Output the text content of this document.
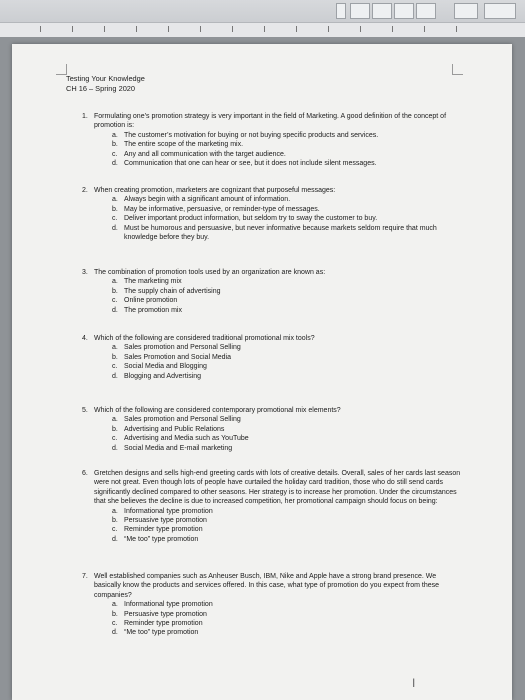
Testing Your Knowledge
CH 16 – Spring 2020
1. Formulating one’s promotion strategy is very important in the field of Marketing. A good definition of the concept of promotion is:
a. The customer’s motivation for buying or not buying specific products and services.
b. The entire scope of the marketing mix.
c. Any and all communication with the target audience.
d. Communication that one can hear or see, but it does not include silent messages.
2. When creating promotion, marketers are cognizant that purposeful messages:
a. Always begin with a significant amount of information.
b. May be informative, persuasive, or reminder-type of messages.
c. Deliver important product information, but seldom try to sway the customer to buy.
d. Must be humorous and persuasive, but never informative because markets seldom require that much knowledge before they buy.
3. The combination of promotion tools used by an organization are known as:
a. The marketing mix
b. The supply chain of advertising
c. Online promotion
d. The promotion mix
4. Which of the following are considered traditional promotional mix tools?
a. Sales promotion and Personal Selling
b. Sales Promotion and Social Media
c. Social Media and Blogging
d. Blogging and Advertising
5. Which of the following are considered contemporary promotional mix elements?
a. Sales promotion and Personal Selling
b. Advertising and Public Relations
c. Advertising and Media such as YouTube
d. Social Media and E-mail marketing
6. Gretchen designs and sells high-end greeting cards with lots of creative details. Overall, sales of her cards last season were not great. Even though lots of people have curtailed the holiday card tradition, those who do still send cards significantly declined compared to other seasons. Her strategy is to increase her promotion. Under the circumstances that she believes the decline is due to increased competition, her promotional campaign should focus on being:
a. Informational type promotion
b. Persuasive type promotion
c. Reminder type promotion
d. “Me too” type promotion
7. Well established companies such as Anheuser Busch, IBM, Nike and Apple have a strong brand presence. We basically know the products and services offered. In this case, what type of promotion do you expect from these companies?
a. Informational type promotion
b. Persuasive type promotion
c. Reminder type promotion
d. “Me too” type promotion
I
